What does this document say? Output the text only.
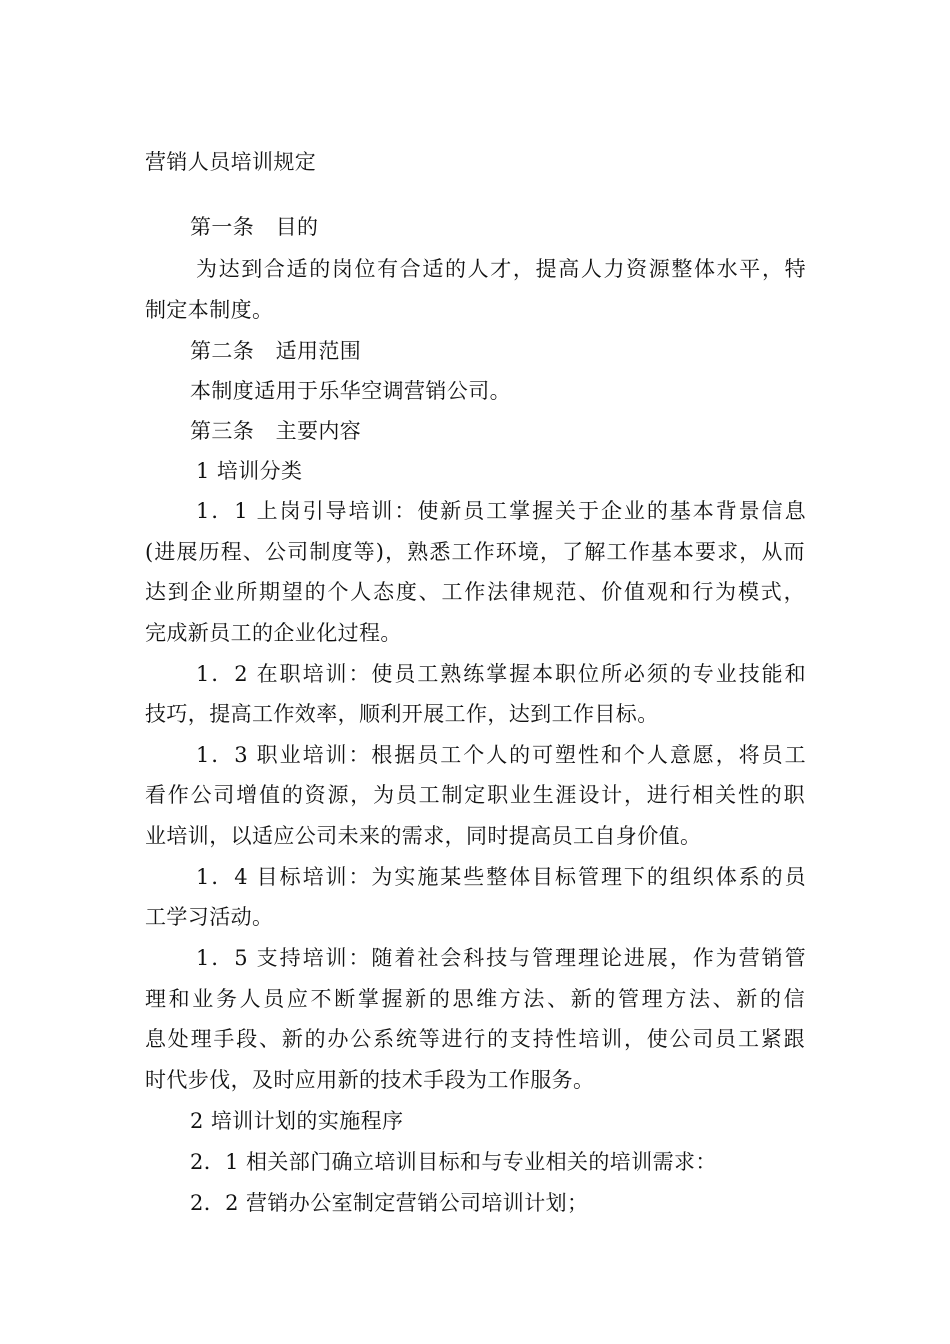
营销人员培训规定
第一条　目的
为达到合适的岗位有合适的人才，提高人力资源整体水平，特
制定本制度。
第二条　适用范围
本制度适用于乐华空调营销公司。
第三条　主要内容
1 培训分类
1．1 上岗引导培训：使新员工掌握关于企业的基本背景信息
(进展历程、公司制度等)，熟悉工作环境，了解工作基本要求，从而
达到企业所期望的个人态度、工作法律规范、价值观和行为模式，
完成新员工的企业化过程。
1．2 在职培训：使员工熟练掌握本职位所必须的专业技能和
技巧，提高工作效率，顺利开展工作，达到工作目标。
1．3 职业培训：根据员工个人的可塑性和个人意愿，将员工
看作公司增值的资源，为员工制定职业生涯设计，进行相关性的职
业培训，以适应公司未来的需求，同时提高员工自身价值。
1．4 目标培训：为实施某些整体目标管理下的组织体系的员
工学习活动。
1．5 支持培训：随着社会科技与管理理论进展，作为营销管
理和业务人员应不断掌握新的思维方法、新的管理方法、新的信
息处理手段、新的办公系统等进行的支持性培训，使公司员工紧跟
时代步伐，及时应用新的技术手段为工作服务。
2 培训计划的实施程序
2．1 相关部门确立培训目标和与专业相关的培训需求：
2．2 营销办公室制定营销公司培训计划；
